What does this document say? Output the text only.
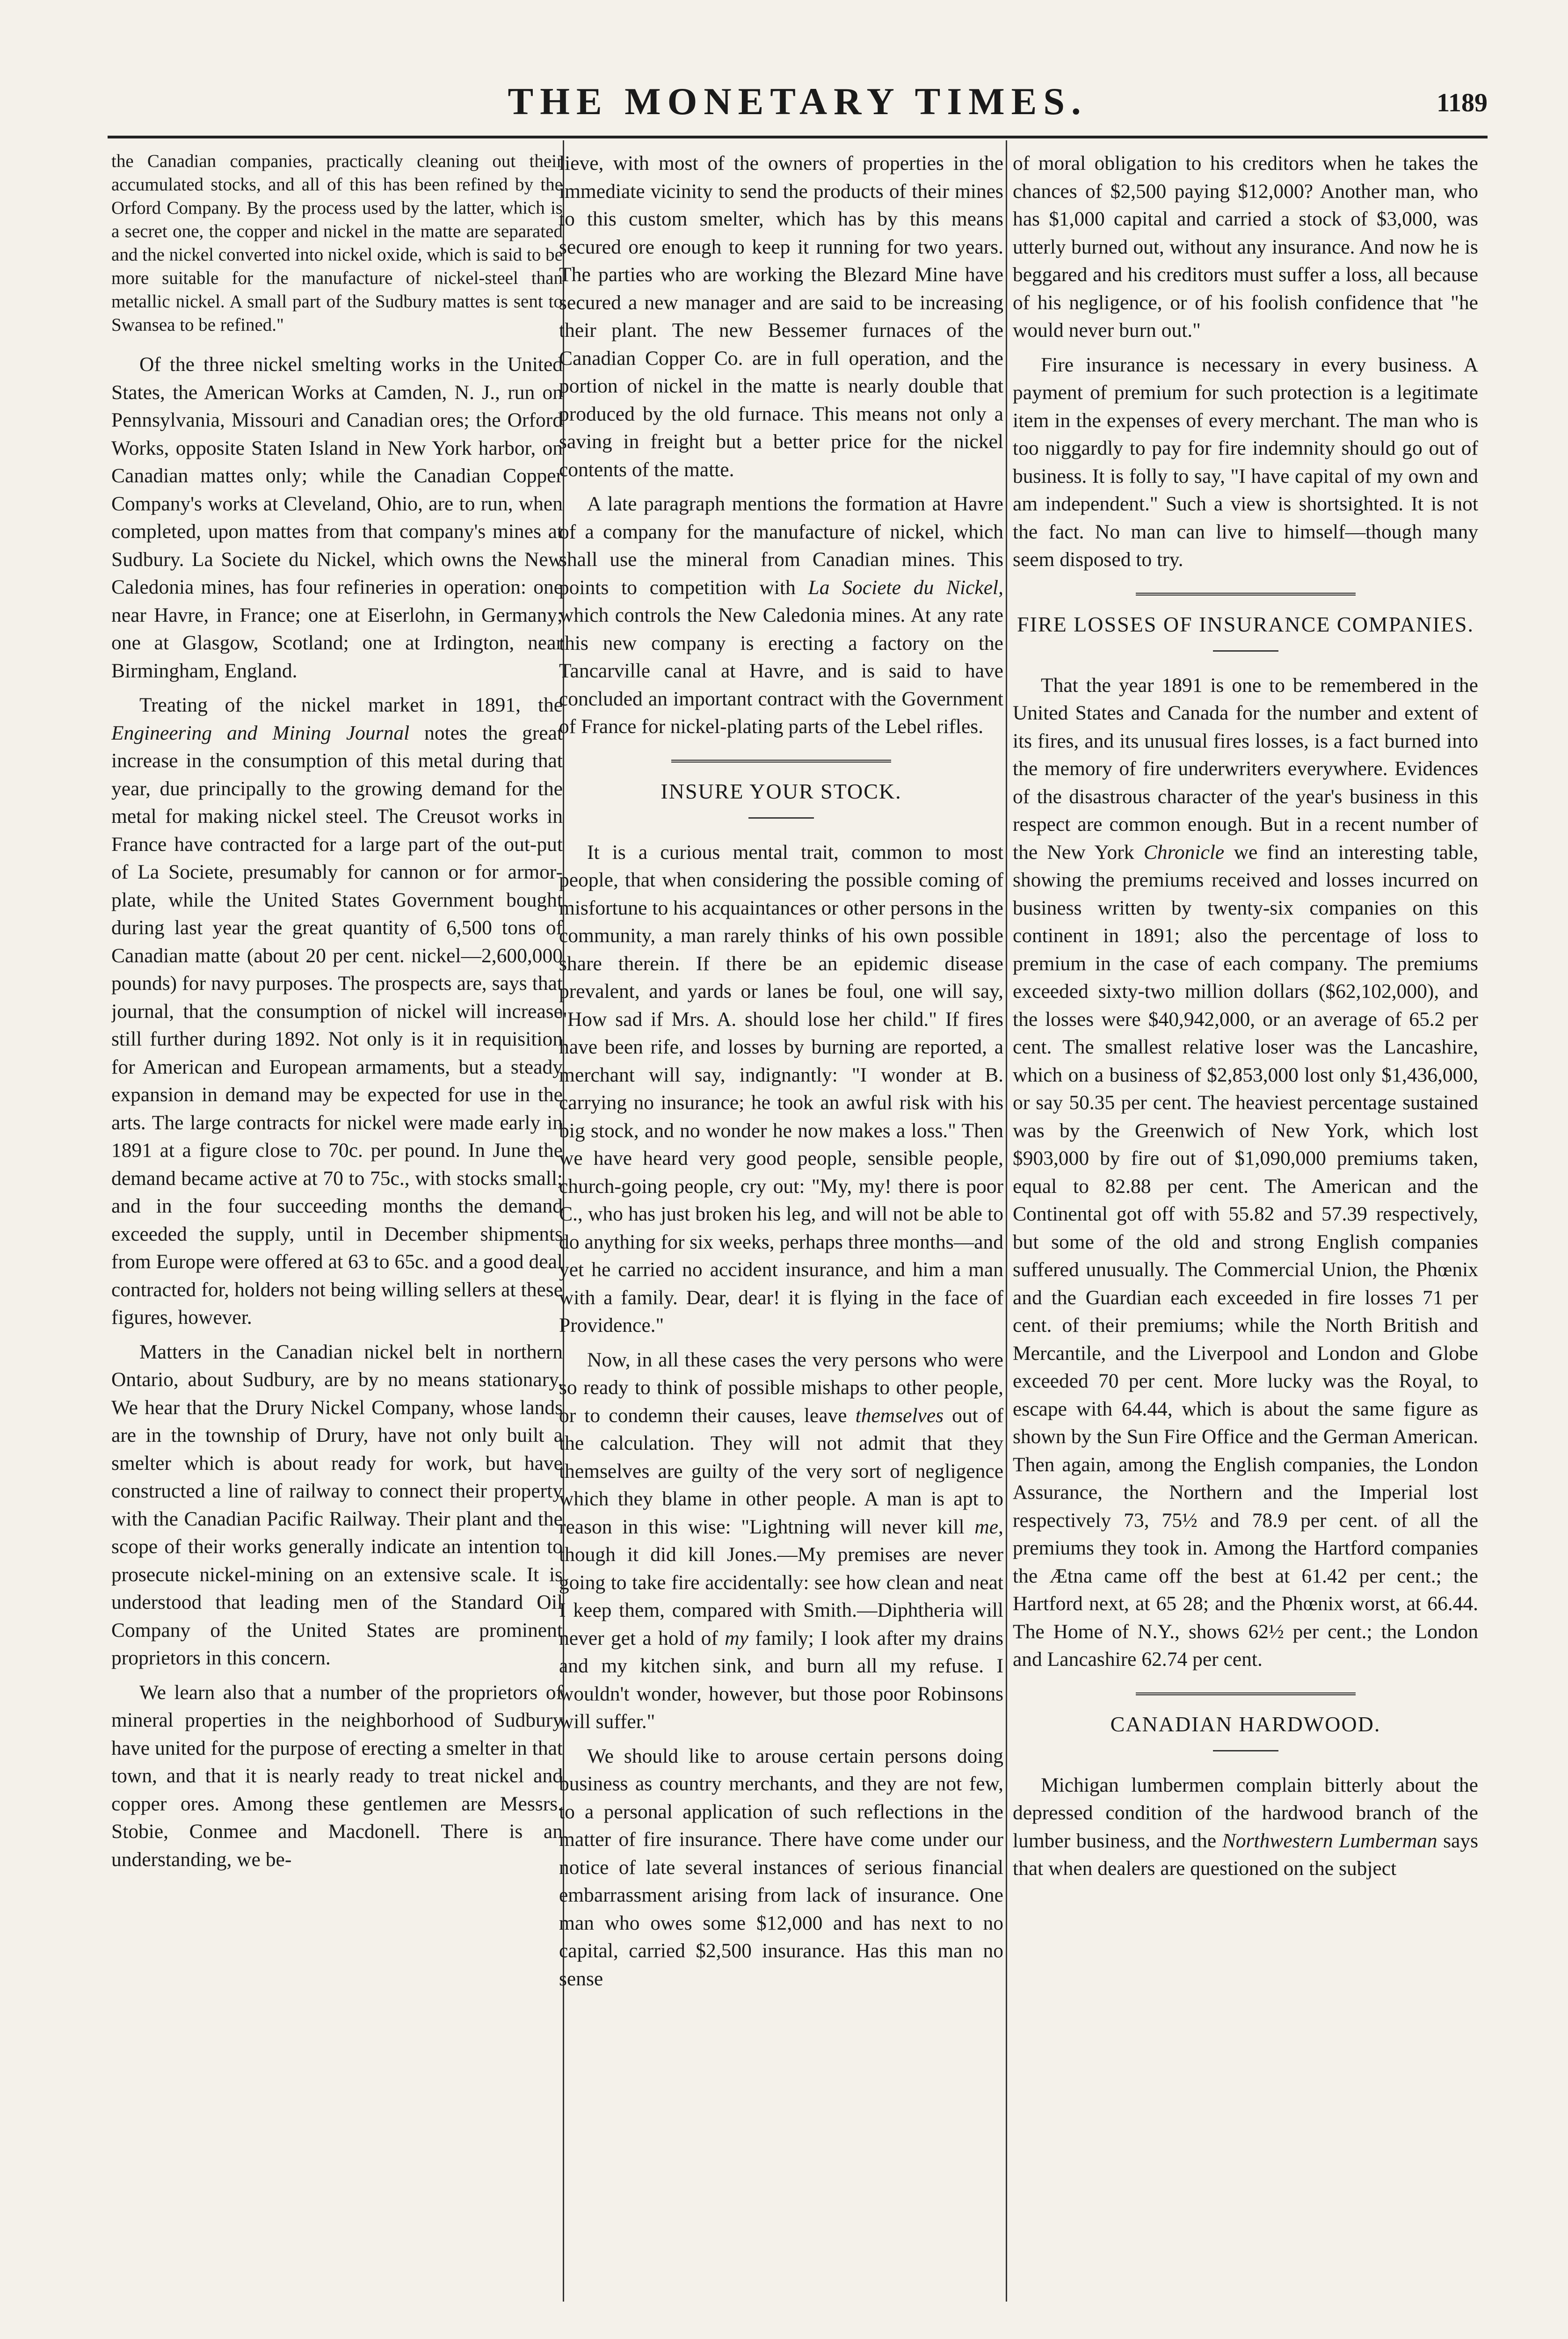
THE MONETARY TIMES.	1189

the Canadian companies, practically cleaning out their accumulated stocks, and all of this has been refined by the Orford Company. By the process used by the latter, which is a secret one, the copper and nickel in the matte are separated and the nickel converted into nickel oxide, which is said to be more suitable for the manufacture of nickel-steel than metallic nickel. A small part of the Sudbury mattes is sent to Swansea to be refined."

Of the three nickel smelting works in the United States, the American Works at Camden, N. J., run on Pennsylvania, Missouri and Canadian ores; the Orford Works, opposite Staten Island in New York harbor, on Canadian mattes only; while the Canadian Copper Company's works at Cleveland, Ohio, are to run, when completed, upon mattes from that company's mines at Sudbury. La Societe du Nickel, which owns the New Caledonia mines, has four refineries in operation: one near Havre, in France; one at Eiserlohn, in Germany; one at Glasgow, Scotland; one at Irdington, near Birmingham, England.

Treating of the nickel market in 1891, the Engineering and Mining Journal notes the great increase in the consumption of this metal during that year, due principally to the growing demand for the metal for making nickel steel. The Creusot works in France have contracted for a large part of the out-put of La Societe, presumably for cannon or for armor-plate, while the United States Government bought during last year the great quantity of 6,500 tons of Canadian matte (about 20 per cent. nickel—2,600,000 pounds) for navy purposes. The prospects are, says that journal, that the consumption of nickel will increase still further during 1892. Not only is it in requisition for American and European armaments, but a steady expansion in demand may be expected for use in the arts. The large contracts for nickel were made early in 1891 at a figure close to 70c. per pound. In June the demand became active at 70 to 75c., with stocks small; and in the four succeeding months the demand exceeded the supply, until in December shipments from Europe were offered at 63 to 65c. and a good deal contracted for, holders not being willing sellers at these figures, however.

Matters in the Canadian nickel belt in northern Ontario, about Sudbury, are by no means stationary. We hear that the Drury Nickel Company, whose lands are in the township of Drury, have not only built a smelter which is about ready for work, but have constructed a line of railway to connect their property with the Canadian Pacific Railway. Their plant and the scope of their works generally indicate an intention to prosecute nickel-mining on an extensive scale. It is understood that leading men of the Standard Oil Company of the United States are prominent proprietors in this concern.

We learn also that a number of the proprietors of mineral properties in the neighborhood of Sudbury have united for the purpose of erecting a smelter in that town, and that it is nearly ready to treat nickel and copper ores. Among these gentlemen are Messrs. Stobie, Conmee and Macdonell. There is an understanding, we be-

lieve, with most of the owners of properties in the immediate vicinity to send the products of their mines to this custom smelter, which has by this means secured ore enough to keep it running for two years. The parties who are working the Blezard Mine have secured a new manager and are said to be increasing their plant. The new Bessemer furnaces of the Canadian Copper Co. are in full operation, and the portion of nickel in the matte is nearly double that produced by the old furnace. This means not only a saving in freight but a better price for the nickel contents of the matte.

A late paragraph mentions the formation at Havre of a company for the manufacture of nickel, which shall use the mineral from Canadian mines. This points to competition with La Societe du Nickel, which controls the New Caledonia mines. At any rate this new company is erecting a factory on the Tancarville canal at Havre, and is said to have concluded an important contract with the Government of France for nickel-plating parts of the Lebel rifles.

INSURE YOUR STOCK.

It is a curious mental trait, common to most people, that when considering the possible coming of misfortune to his acquaintances or other persons in the community, a man rarely thinks of his own possible share therein. If there be an epidemic disease prevalent, and yards or lanes be foul, one will say, "How sad if Mrs. A. should lose her child." If fires have been rife, and losses by burning are reported, a merchant will say, indignantly: "I wonder at B. carrying no insurance; he took an awful risk with his big stock, and no wonder he now makes a loss." Then we have heard very good people, sensible people, church-going people, cry out: "My, my! there is poor C., who has just broken his leg, and will not be able to do anything for six weeks, perhaps three months—and yet he carried no accident insurance, and him a man with a family. Dear, dear! it is flying in the face of Providence."

Now, in all these cases the very persons who were so ready to think of possible mishaps to other people, or to condemn their causes, leave themselves out of the calculation. They will not admit that they themselves are guilty of the very sort of negligence which they blame in other people. A man is apt to reason in this wise: "Lightning will never kill me, though it did kill Jones.—My premises are never going to take fire accidentally: see how clean and neat I keep them, compared with Smith.—Diphtheria will never get a hold of my family; I look after my drains and my kitchen sink, and burn all my refuse. I wouldn't wonder, however, but those poor Robinsons will suffer."

We should like to arouse certain persons doing business as country merchants, and they are not few, to a personal application of such reflections in the matter of fire insurance. There have come under our notice of late several instances of serious financial embarrassment arising from lack of insurance. One man who owes some $12,000 and has next to no capital, carried $2,500 insurance. Has this man no sense

of moral obligation to his creditors when he takes the chances of $2,500 paying $12,000? Another man, who has $1,000 capital and carried a stock of $3,000, was utterly burned out, without any insurance. And now he is beggared and his creditors must suffer a loss, all because of his negligence, or of his foolish confidence that "he would never burn out."

Fire insurance is necessary in every business. A payment of premium for such protection is a legitimate item in the expenses of every merchant. The man who is too niggardly to pay for fire indemnity should go out of business. It is folly to say, "I have capital of my own and am independent." Such a view is shortsighted. It is not the fact. No man can live to himself—though many seem disposed to try.

FIRE LOSSES OF INSURANCE COMPANIES.

That the year 1891 is one to be remembered in the United States and Canada for the number and extent of its fires, and its unusual fires losses, is a fact burned into the memory of fire underwriters everywhere. Evidences of the disastrous character of the year's business in this respect are common enough. But in a recent number of the New York Chronicle we find an interesting table, showing the premiums received and losses incurred on business written by twenty-six companies on this continent in 1891; also the percentage of loss to premium in the case of each company. The premiums exceeded sixty-two million dollars ($62,102,000), and the losses were $40,942,000, or an average of 65.2 per cent. The smallest relative loser was the Lancashire, which on a business of $2,853,000 lost only $1,436,000, or say 50.35 per cent. The heaviest percentage sustained was by the Greenwich of New York, which lost $903,000 by fire out of $1,090,000 premiums taken, equal to 82.88 per cent. The American and the Continental got off with 55.82 and 57.39 respectively, but some of the old and strong English companies suffered unusually. The Commercial Union, the Phœnix and the Guardian each exceeded in fire losses 71 per cent. of their premiums; while the North British and Mercantile, and the Liverpool and London and Globe exceeded 70 per cent. More lucky was the Royal, to escape with 64.44, which is about the same figure as shown by the Sun Fire Office and the German American. Then again, among the English companies, the London Assurance, the Northern and the Imperial lost respectively 73, 75½ and 78.9 per cent. of all the premiums they took in. Among the Hartford companies the Ætna came off the best at 61.42 per cent.; the Hartford next, at 65 28; and the Phœnix worst, at 66.44. The Home of N.Y., shows 62½ per cent.; the London and Lancashire 62.74 per cent.

CANADIAN HARDWOOD.

Michigan lumbermen complain bitterly about the depressed condition of the hardwood branch of the lumber business, and the Northwestern Lumberman says that when dealers are questioned on the subject
